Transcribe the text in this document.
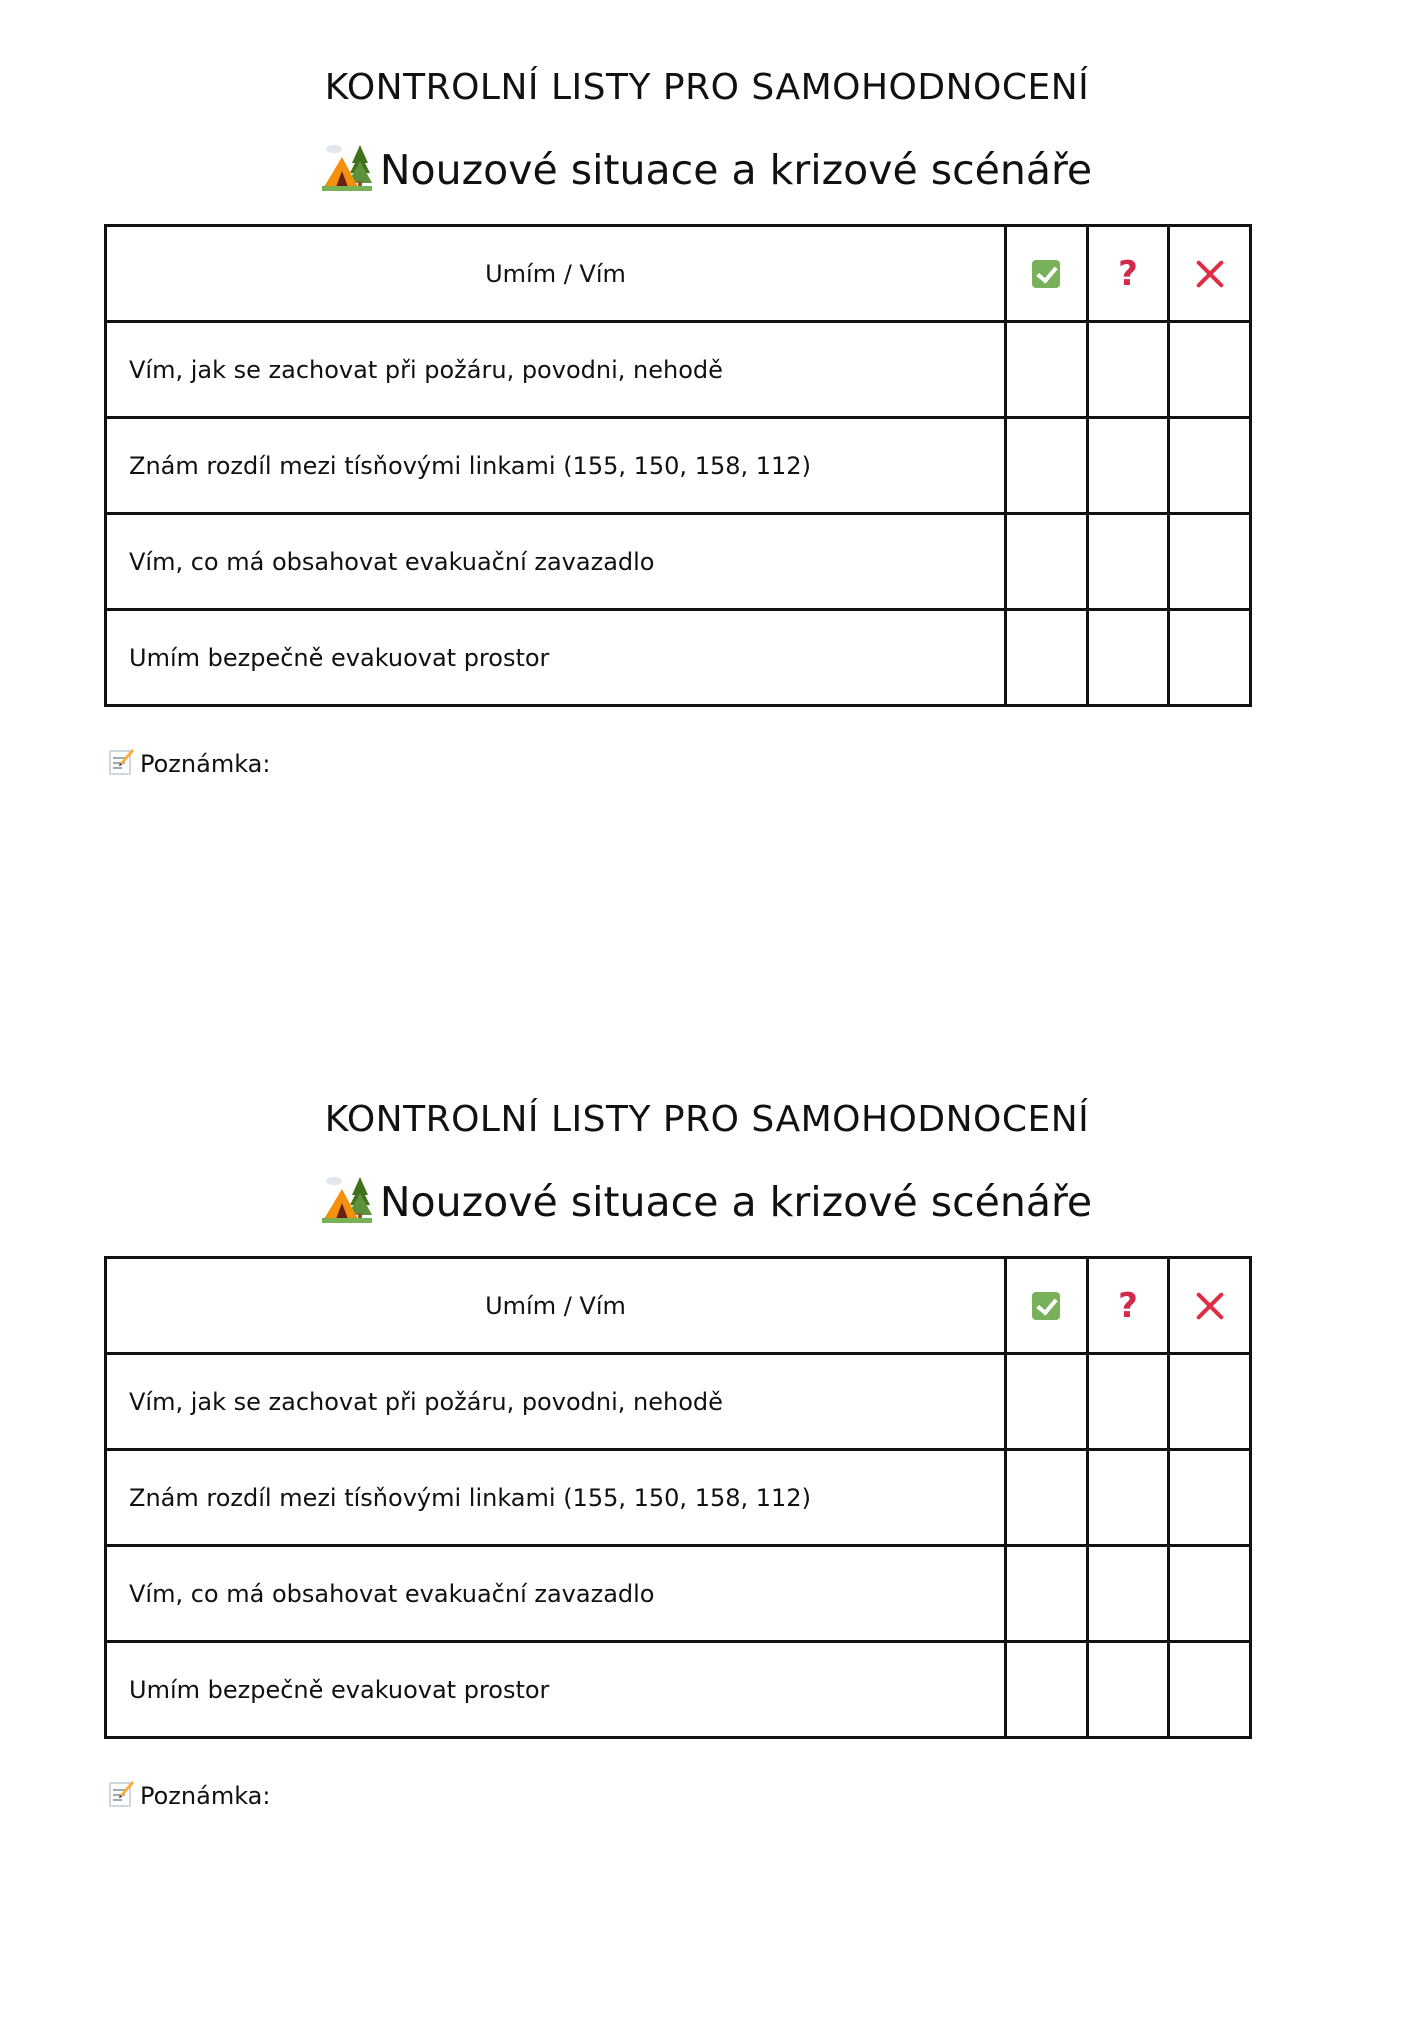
KONTROLNÍ LISTY PRO SAMOHODNOCENÍ
Nouzové situace a krizové scénáře
Umím / Vím		?	
Vím, jak se zachovat při požáru, povodni, nehodě			
Znám rozdíl mezi tísňovými linkami (155, 150, 158, 112)			
Vím, co má obsahovat evakuační zavazadlo			
Umím bezpečně evakuovat prostor			
Poznámka:
KONTROLNÍ LISTY PRO SAMOHODNOCENÍ
Nouzové situace a krizové scénáře
Umím / Vím		?	
Vím, jak se zachovat při požáru, povodni, nehodě			
Znám rozdíl mezi tísňovými linkami (155, 150, 158, 112)			
Vím, co má obsahovat evakuační zavazadlo			
Umím bezpečně evakuovat prostor			
Poznámka:
